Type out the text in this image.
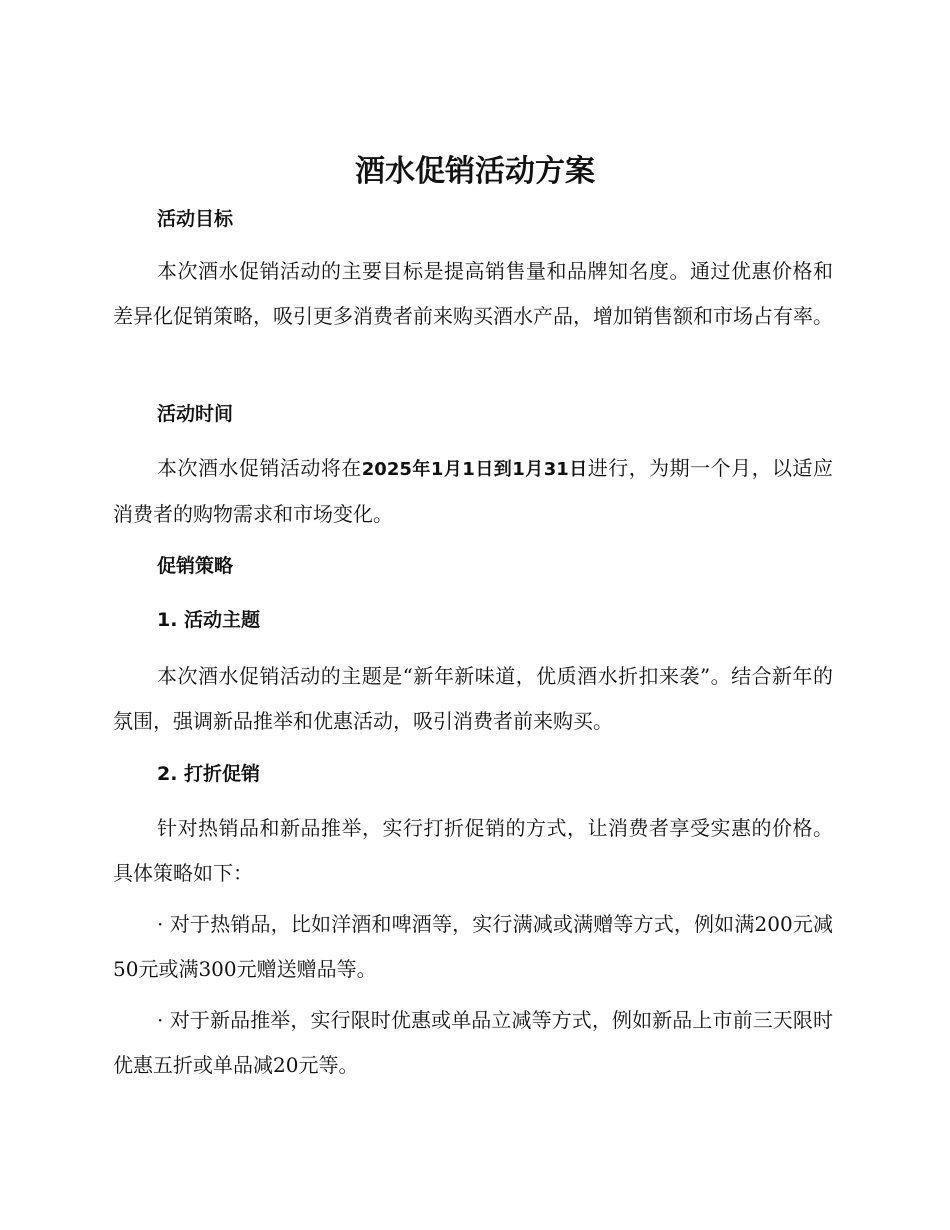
酒水促销活动方案
活动目标

本次酒水促销活动的主要目标是提高销售量和品牌知名度。通过优惠价格和差异化促销策略，吸引更多消费者前来购买酒水产品，增加销售额和市场占有率。

活动时间

本次酒水促销活动将在2025年1月1日到1月31日进行，为期一个月，以适应消费者的购物需求和市场变化。

促销策略
1. 活动主题

本次酒水促销活动的主题是“新年新味道，优质酒水折扣来袭”。结合新年的氛围，强调新品推举和优惠活动，吸引消费者前来购买。

2. 打折促销

针对热销品和新品推举，实行打折促销的方式，让消费者享受实惠的价格。具体策略如下：

· 对于热销品，比如洋酒和啤酒等，实行满减或满赠等方式，例如满200元减50元或满300元赠送赠品等。

· 对于新品推举，实行限时优惠或单品立减等方式，例如新品上市前三天限时优惠五折或单品减20元等。
